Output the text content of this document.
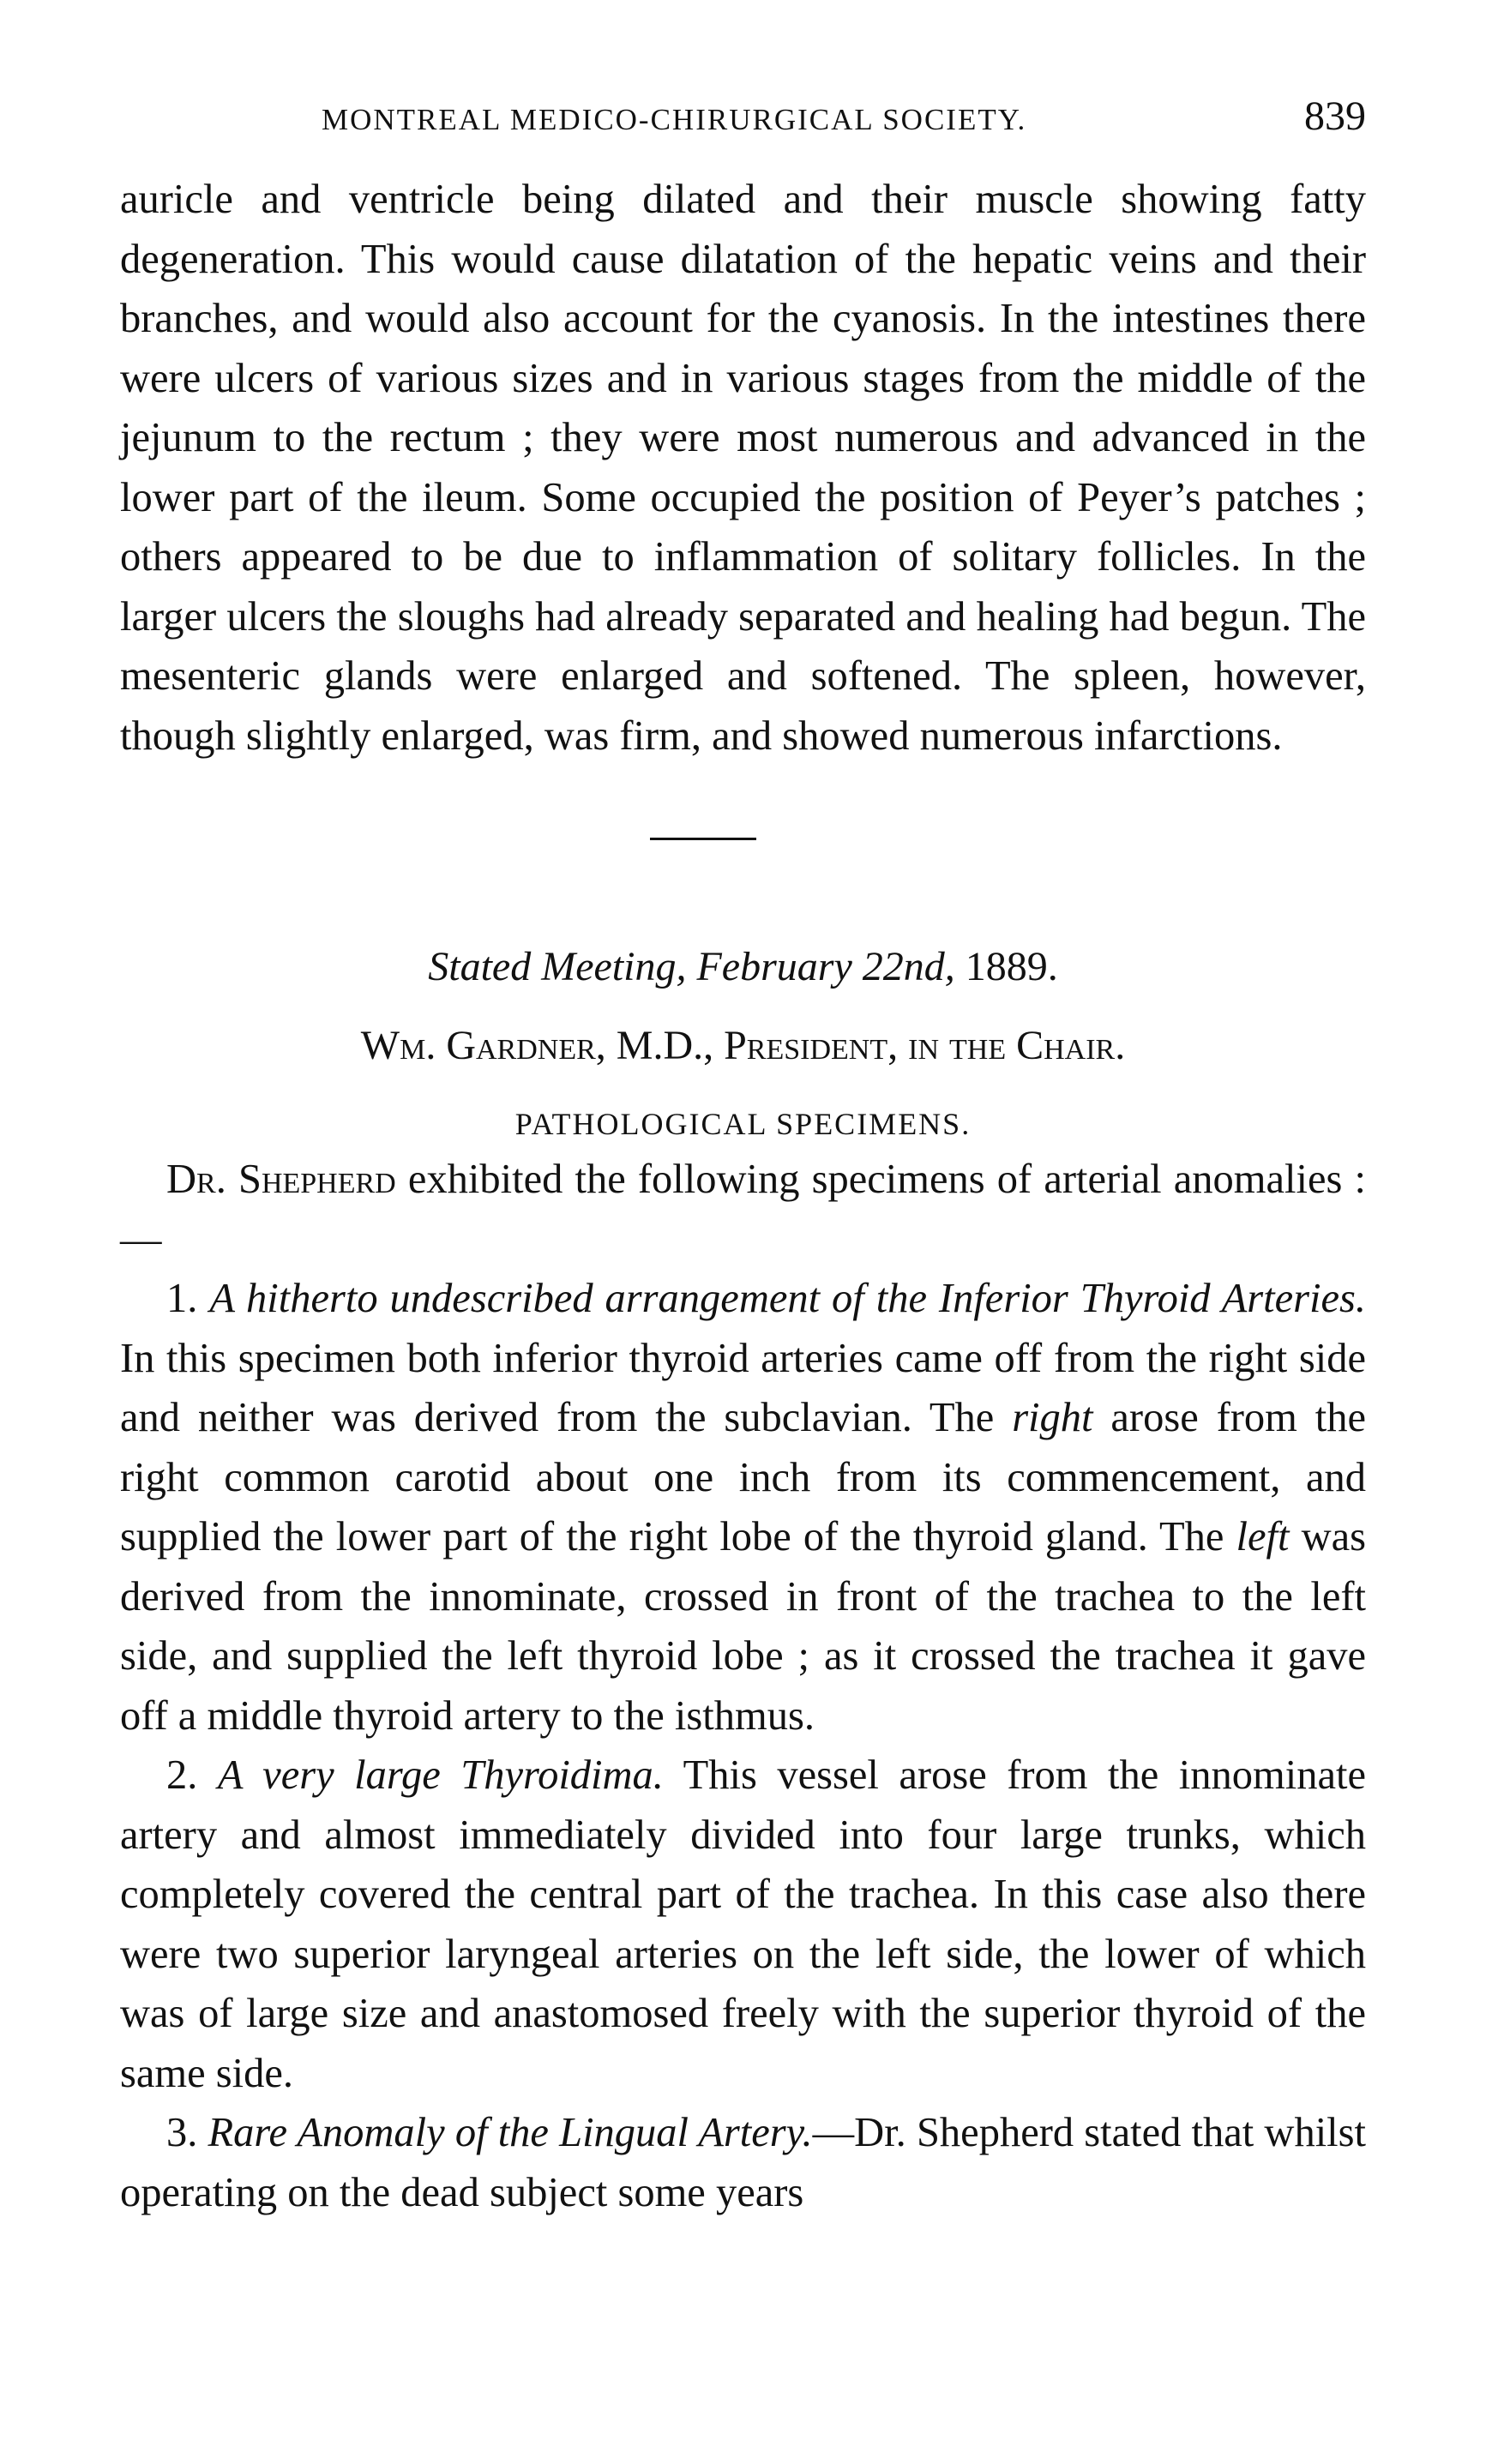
MONTREAL MEDICO-CHIRURGICAL SOCIETY.	839

auricle and ventricle being dilated and their muscle showing fatty degeneration. This would cause dilatation of the hepatic veins and their branches, and would also account for the cyanosis. In the intestines there were ulcers of various sizes and in various stages from the middle of the jejunum to the rectum ; they were most numerous and advanced in the lower part of the ileum. Some occupied the position of Peyer’s patches ; others appeared to be due to inflammation of solitary follicles. In the larger ulcers the sloughs had already separated and healing had begun. The mesenteric glands were enlarged and softened. The spleen, however, though slightly enlarged, was firm, and showed numerous infarctions.

Stated Meeting, February 22nd, 1889.

Wm. Gardner, M.D., President, in the Chair.

PATHOLOGICAL SPECIMENS.

Dr. Shepherd exhibited the following specimens of arterial anomalies :—

1. A hitherto undescribed arrangement of the Inferior Thyroid Arteries. In this specimen both inferior thyroid arteries came off from the right side and neither was derived from the subclavian. The right arose from the right common carotid about one inch from its commencement, and supplied the lower part of the right lobe of the thyroid gland. The left was derived from the innominate, crossed in front of the trachea to the left side, and supplied the left thyroid lobe ; as it crossed the trachea it gave off a middle thyroid artery to the isthmus.

2. A very large Thyroidima. This vessel arose from the innominate artery and almost immediately divided into four large trunks, which completely covered the central part of the trachea. In this case also there were two superior laryngeal arteries on the left side, the lower of which was of large size and anastomosed freely with the superior thyroid of the same side.

3. Rare Anomaly of the Lingual Artery.—Dr. Shepherd stated that whilst operating on the dead subject some years
